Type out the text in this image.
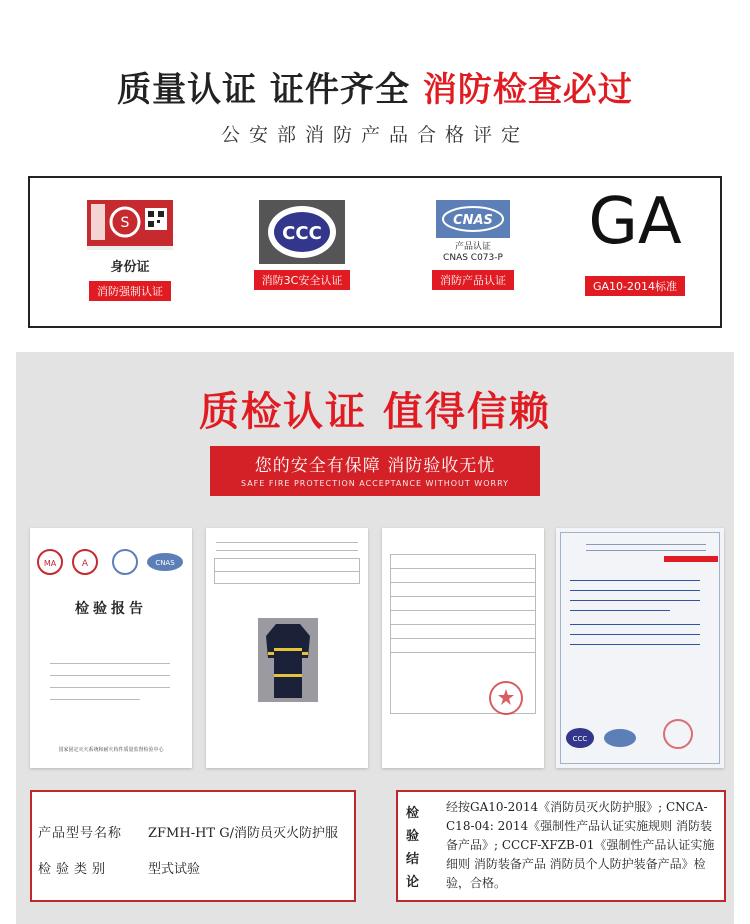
质量认证 证件齐全 消防检查必过
公安部消防产品合格评定
S
身份证
消防强制认证
CCC
消防3C安全认证
CNAS
产品认证
CNAS C073-P
消防产品认证
GA
GA10-2014标准
质检认证 值得信赖
您的安全有保障 消防验收无忧
SAFE FIRE PROTECTION ACCEPTANCE WITHOUT WORRY
MA	A	CNAS
检验报告
国家固定灭火系统和耐火构件质量监督检验中心
CCC
产品型号名称 ZFMH-HT G/消防员灭火防护服
检验类别	型式试验
检验结论
经按GA10-2014《消防员灭火防护服》; CNCA-C18-04: 2014《强制性产品认证实施规则 消防装备产品》; CCCF-XFZB-01《强制性产品认证实施细则 消防装备产品 消防员个人防护装备产品》检验，合格。
